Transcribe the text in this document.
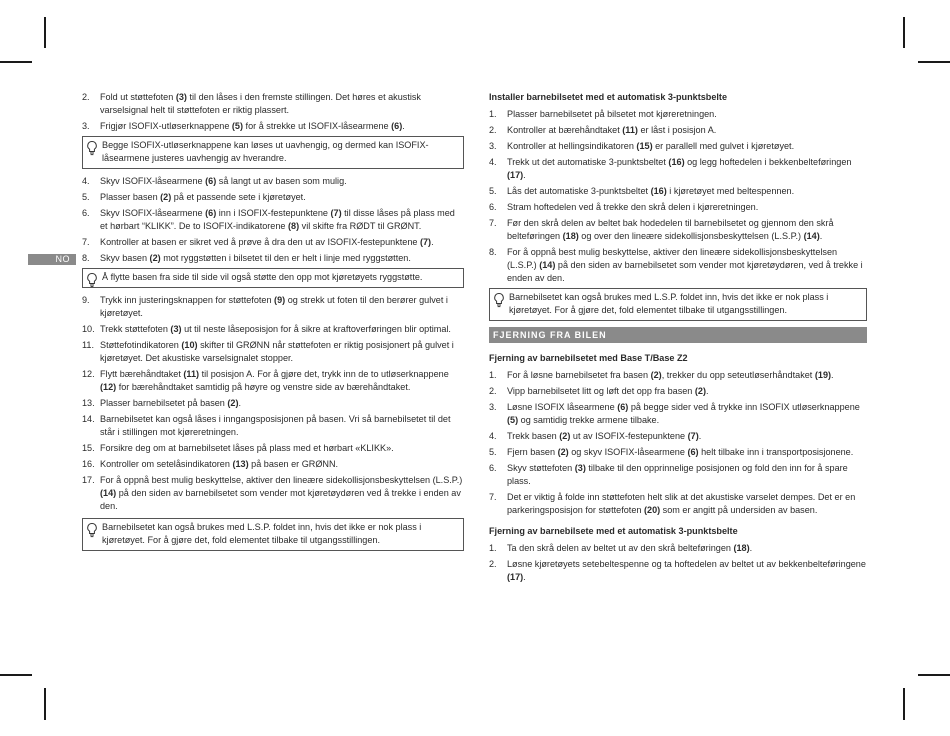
NO
2. Fold ut støttefoten (3) til den låses i den fremste stillingen. Det høres et akustisk varselsignal helt til støttefoten er riktig plassert.
3. Frigjør ISOFIX-utløserknappene (5) for å strekke ut ISOFIX-låsearmene (6).
Begge ISOFIX-utløserknappene kan løses ut uavhengig, og dermed kan ISOFIX-låsearmene justeres uavhengig av hverandre.
4. Skyv ISOFIX-låsearmene (6) så langt ut av basen som mulig.
5. Plasser basen (2) på et passende sete i kjøretøyet.
6. Skyv ISOFIX-låsearmene (6) inn i ISOFIX-festepunktene (7) til disse låses på plass med et hørbart “KLIKK”. De to ISOFIX-indikatorene (8) vil skifte fra RØDT til GRØNT.
7. Kontroller at basen er sikret ved å prøve å dra den ut av ISOFIX-festepunktene (7).
8. Skyv basen (2) mot ryggstøtten i bilsetet til den er helt i linje med ryggstøtten.
Å flytte basen fra side til side vil også støtte den opp mot kjøretøyets ryggstøtte.
9. Trykk inn justeringsknappen for støttefoten (9) og strekk ut foten til den berører gulvet i kjøretøyet.
10. Trekk støttefoten (3) ut til neste låseposisjon for å sikre at kraftoverføringen blir optimal.
11. Støttefotindikatoren (10) skifter til GRØNN når støttefoten er riktig posisjonert på gulvet i kjøretøyet. Det akustiske varselsignalet stopper.
12. Flytt bærehåndtaket (11) til posisjon A. For å gjøre det, trykk inn de to utløserknappene (12) for bærehåndtaket samtidig på høyre og venstre side av bærehåndtaket.
13. Plasser barnebilsetet på basen (2).
14. Barnebilsetet kan også låses i inngangsposisjonen på basen. Vri så barnebilsetet til det står i stillingen mot kjøreretningen.
15. Forsikre deg om at barnebilsetet låses på plass med et hørbart «KLIKK».
16. Kontroller om setelåsindikatoren (13) på basen er GRØNN.
17. For å oppnå best mulig beskyttelse, aktiver den lineære sidekollisjonsbeskyttelsen (L.S.P.) (14) på den siden av barnebilsetet som vender mot kjøretøydøren ved å trekke i enden av den.
Barnebilsetet kan også brukes med L.S.P. foldet inn, hvis det ikke er nok plass i kjøretøyet. For å gjøre det, fold elementet tilbake til utgangsstillingen.
Installer barnebilsetet med et automatisk 3-punktsbelte
1. Plasser barnebilsetet på bilsetet mot kjøreretningen.
2. Kontroller at bærehåndtaket (11) er låst i posisjon A.
3. Kontroller at hellingsindikatoren (15) er parallell med gulvet i kjøretøyet.
4. Trekk ut det automatiske 3-punktsbeltet (16) og legg hoftedelen i bekkenbelteføringen (17).
5. Lås det automatiske 3-punktsbeltet (16) i kjøretøyet med beltespennen.
6. Stram hoftedelen ved å trekke den skrå delen i kjøreretningen.
7. Før den skrå delen av beltet bak hodedelen til barnebilsetet og gjennom den skrå belteføringen (18) og over den lineære sidekollisjonsbeskyttelsen (L.S.P.) (14).
8. For å oppnå best mulig beskyttelse, aktiver den lineære sidekollisjonsbeskyttelsen (L.S.P.) (14) på den siden av barnebilsetet som vender mot kjøretøydøren, ved å trekke i enden av den.
Barnebilsetet kan også brukes med L.S.P. foldet inn, hvis det ikke er nok plass i kjøretøyet. For å gjøre det, fold elementet tilbake til utgangsstillingen.
FJERNING FRA BILEN
Fjerning av barnebilsetet med Base T/Base Z2
1. For å løsne barnebilsetet fra basen (2), trekker du opp seteutløserhåndtaket (19).
2. Vipp barnebilsetet litt og løft det opp fra basen (2).
3. Løsne ISOFIX låsearmene (6) på begge sider ved å trykke inn ISOFIX utløserknappene (5) og samtidig trekke armene tilbake.
4. Trekk basen (2) ut av ISOFIX-festepunktene (7).
5. Fjern basen (2) og skyv ISOFIX-låsearmene (6) helt tilbake inn i transportposisjonene.
6. Skyv støttefoten (3) tilbake til den opprinnelige posisjonen og fold den inn for å spare plass.
7. Det er viktig å folde inn støttefoten helt slik at det akustiske varselet dempes. Det er en parkeringsposisjon for støttefoten (20) som er angitt på undersiden av basen.
Fjerning av barnebilsete med et automatisk 3-punktsbelte
1. Ta den skrå delen av beltet ut av den skrå belteføringen (18).
2. Løsne kjøretøyets setebeltespenne og ta hoftedelen av beltet ut av bekkenbelteføringene (17).
